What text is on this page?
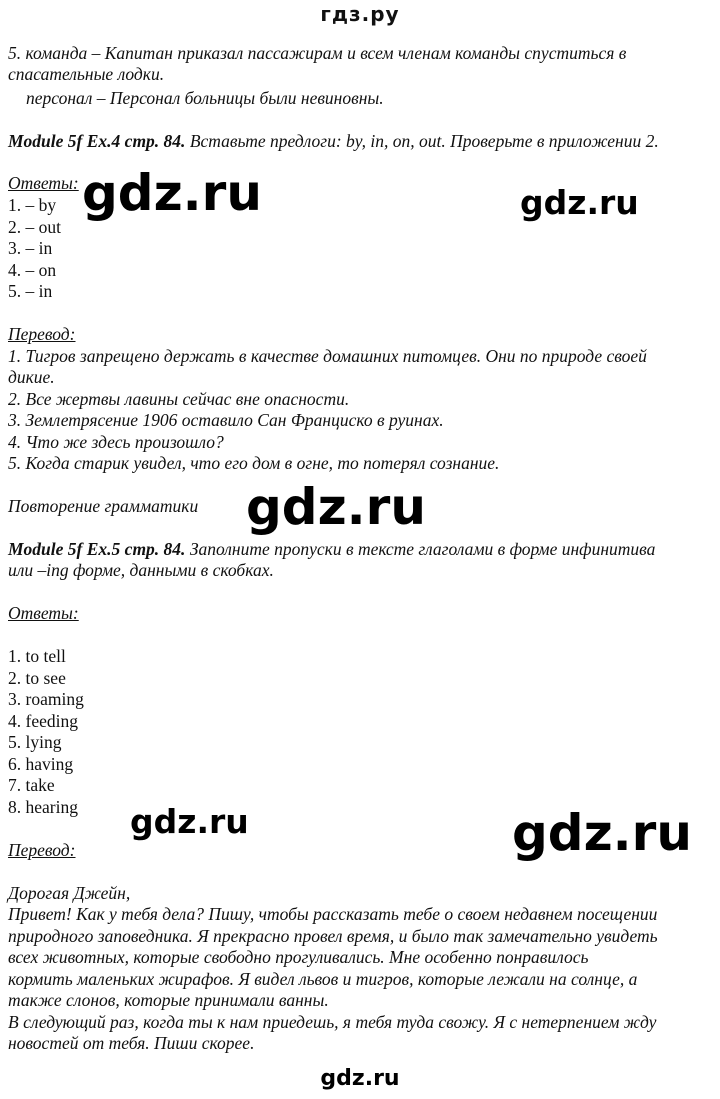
гдз.ру
5. команда – Капитан приказал пассажирам и всем членам команды спуститься в
спасательные лодки.
персонал – Персонал больницы были невиновны.
Module 5f Ex.4 стр. 84. Вставьте предлоги: by, in, on, out. Проверьте в приложении 2.
Ответы:
1. – by
2. – out
3. – in
4. – on
5. – in
Перевод:
1. Тигров запрещено держать в качестве домашних питомцев. Они по природе своей
дикие.
2. Все жертвы лавины сейчас вне опасности.
3. Землетрясение 1906 оставило Сан Франциско в руинах.
4. Что же здесь произошло?
5. Когда старик увидел, что его дом в огне, то потерял сознание.
Повторение грамматики
Module 5f Ex.5 стр. 84. Заполните пропуски в тексте глаголами в форме инфинитива
или –ing форме, данными в скобках.
Ответы:
1. to tell
2. to see
3. roaming
4. feeding
5. lying
6. having
7. take
8. hearing
Перевод:
Дорогая Джейн,
Привет! Как у тебя дела? Пишу, чтобы рассказать тебе о своем недавнем посещении
природного заповедника. Я прекрасно провел время, и было так замечательно увидеть
всех животных, которые свободно прогуливались. Мне особенно понравилось
кормить маленьких жирафов. Я видел львов и тигров, которые лежали на солнце, а
также слонов, которые принимали ванны.
В следующий раз, когда ты к нам приедешь, я тебя туда свожу. Я с нетерпением жду
новостей от тебя. Пиши скорее.
gdz.ru	gdz.ru
gdz.ru
gdz.ru	gdz.ru
gdz.ru
